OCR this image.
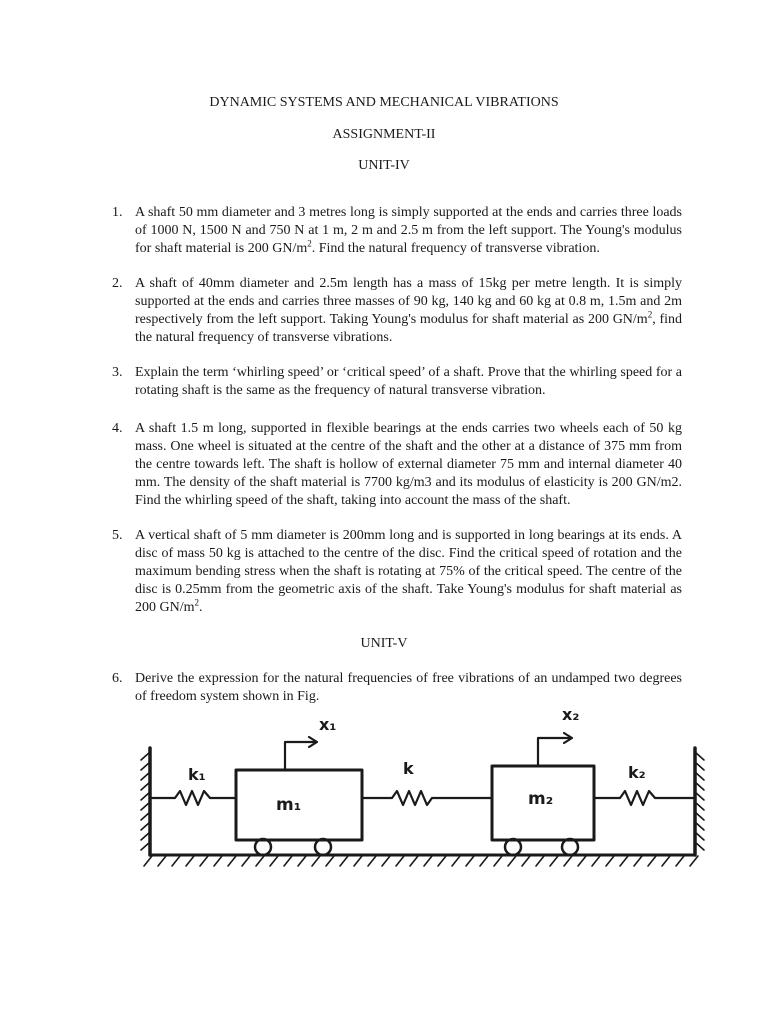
DYNAMIC SYSTEMS AND MECHANICAL VIBRATIONS
ASSIGNMENT-II
UNIT-IV
1. A shaft 50 mm diameter and 3 metres long is simply supported at the ends and carries three loads of 1000 N, 1500 N and 750 N at 1 m, 2 m and 2.5 m from the left support. The Young's modulus for shaft material is 200 $GN/m^2$. Find the natural frequency of transverse vibration.
2. A shaft of 40mm diameter and 2.5m length has a mass of 15kg per metre length. It is simply supported at the ends and carries three masses of 90 kg, 140 kg and 60 kg at 0.8 m, 1.5m and 2m respectively from the left support. Taking Young's modulus for shaft material as 200 $GN/m^2$, find the natural frequency of transverse vibrations.
3. Explain the term ‘whirling speed’ or ‘critical speed’ of a shaft. Prove that the whirling speed for a rotating shaft is the same as the frequency of natural transverse vibration.
4. A shaft 1.5 m long, supported in flexible bearings at the ends carries two wheels each of 50 kg mass. One wheel is situated at the centre of the shaft and the other at a distance of 375 mm from the centre towards left. The shaft is hollow of external diameter 75 mm and internal diameter 40 mm. The density of the shaft material is 7700 kg/m3 and its modulus of elasticity is 200 GN/m2. Find the whirling speed of the shaft, taking into account the mass of the shaft.
5. A vertical shaft of 5 mm diameter is 200mm long and is supported in long bearings at its ends. A disc of mass 50 kg is attached to the centre of the disc. Find the critical speed of rotation and the maximum bending stress when the shaft is rotating at 75% of the critical speed. The centre of the disc is 0.25mm from the geometric axis of the shaft. Take Young's modulus for shaft material as 200 $GN/m^2$.
UNIT-V
6. Derive the expression for the natural frequencies of free vibrations of an undamped two degrees of freedom system shown in Fig.
k₁	k	k₂
m₁	m₂
x₁
x₂
